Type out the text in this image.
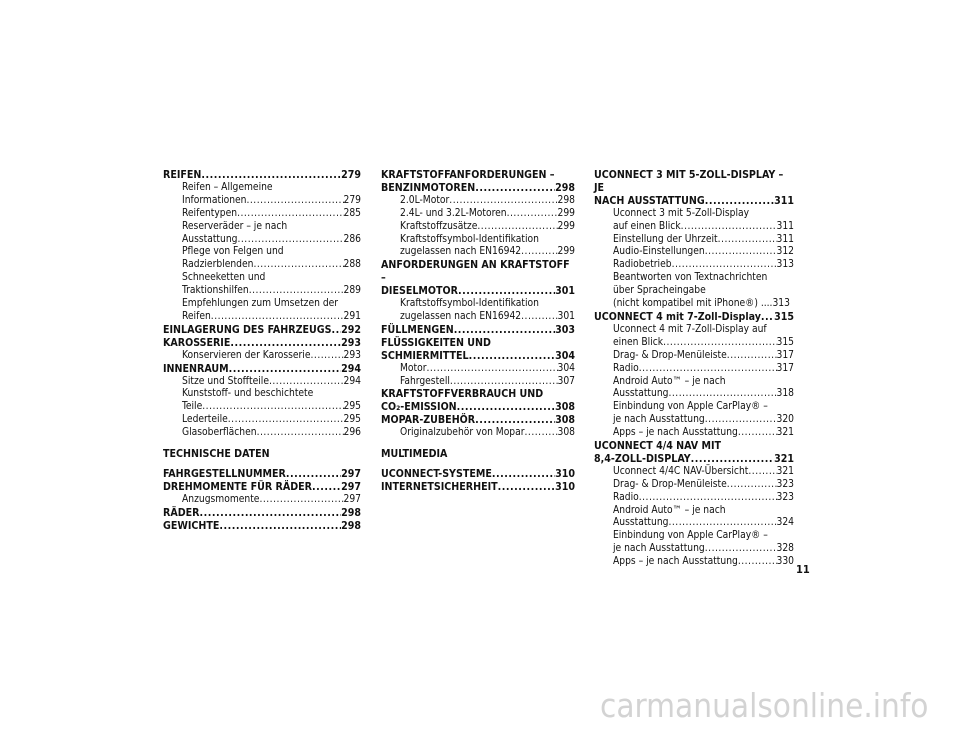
REIFEN .....	279
Reifen – Allgemeine
Informationen .....	279
Reifentypen .....	285
Reserveräder – je nach
Ausstattung .....	286
Pflege von Felgen und
Radzierblenden .....	288
Schneeketten und
Traktionshilfen .....	289
Empfehlungen zum Umsetzen der
Reifen .....	291
EINLAGERUNG DES FAHRZEUGS ..... 292
KAROSSERIE .....	293
Konservieren der Karosserie .....	293
INNENRAUM .....	294
Sitze und Stoffteile .....	294
Kunststoff- und beschichtete
Teile .....	295
Lederteile .....	295
Glasoberflächen .....	296
TECHNISCHE DATEN
FAHRGESTELLNUMMER .....	297
DREHMOMENTE FÜR RÄDER .....	297
Anzugsmomente .....	297
RÄDER .....	298
GEWICHTE .....	298
KRAFTSTOFFANFORDERUNGEN –
BENZINMOTOREN .....	298
2.0L-Motor .....	298
2.4L- und 3.2L-Motoren .....	299
Kraftstoffzusätze .....	299
Kraftstoffsymbol-Identifikation
zugelassen nach EN16942 .....	299
ANFORDERUNGEN AN KRAFTSTOFF –
DIESELMOTOR .....	301
Kraftstoffsymbol-Identifikation
zugelassen nach EN16942 .....	301
FÜLLMENGEN .....	303
FLÜSSIGKEITEN UND
SCHMIERMITTEL .....	304
Motor .....	304
Fahrgestell .....	307
KRAFTSTOFFVERBRAUCH UND
CO₂-EMISSION .....	308
MOPAR-ZUBEHÖR .....	308
Originalzubehör von Mopar .....	308
MULTIMEDIA
UCONNECT-SYSTEME .....	310
INTERNETSICHERHEIT .....	310
UCONNECT 3 MIT 5-ZOLL-DISPLAY – JE
NACH AUSSTATTUNG .....	311
Uconnect 3 mit 5-Zoll-Display
auf einen Blick .....	311
Einstellung der Uhrzeit .....	311
Audio-Einstellungen .....	312
Radiobetrieb .....	313
Beantworten von Textnachrichten
über Spracheingabe
(nicht kompatibel mit iPhone®) ....313
UCONNECT 4 mit 7-Zoll-Display ..... 315
Uconnect 4 mit 7-Zoll-Display auf
einen Blick .....	315
Drag- & Drop-Menüleiste .....	317
Radio .....	317
Android Auto™ – je nach
Ausstattung .....	318
Einbindung von Apple CarPlay® –
je nach Ausstattung .....	320
Apps – je nach Ausstattung .....	321
UCONNECT 4/4 NAV MIT
8,4-ZOLL-DISPLAY .....	321
Uconnect 4/4C NAV-Übersicht .....	321
Drag- & Drop-Menüleiste .....	323
Radio .....	323
Android Auto™ – je nach
Ausstattung .....	324
Einbindung von Apple CarPlay® –
je nach Ausstattung .....	328
Apps – je nach Ausstattung .....	330
11
carmanualsonline.info
